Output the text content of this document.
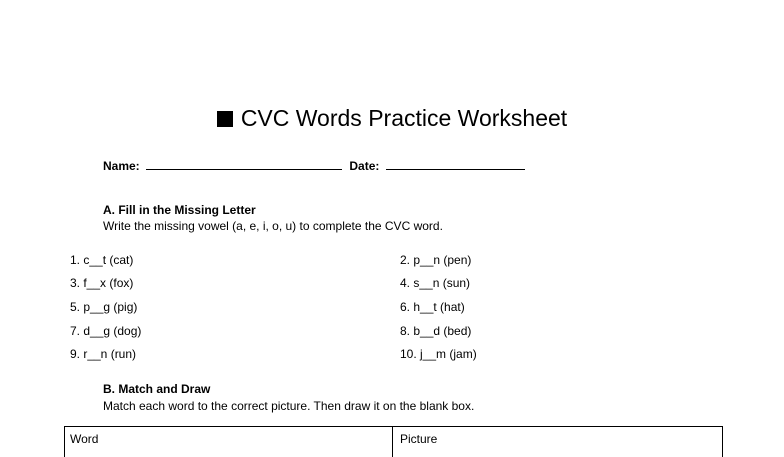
CVC Words Practice Worksheet
Name:	Date:
A. Fill in the Missing Letter
Write the missing vowel (a, e, i, o, u) to complete the CVC word.
1. c__t (cat)	2. p__n (pen)
3. f__x (fox)	4. s__n (sun)
5. p__g (pig)	6. h__t (hat)
7. d__g (dog)	8. b__d (bed)
9. r__n (run)	10. j__m (jam)
B. Match and Draw
Match each word to the correct picture. Then draw it on the blank box.
Word	Picture
